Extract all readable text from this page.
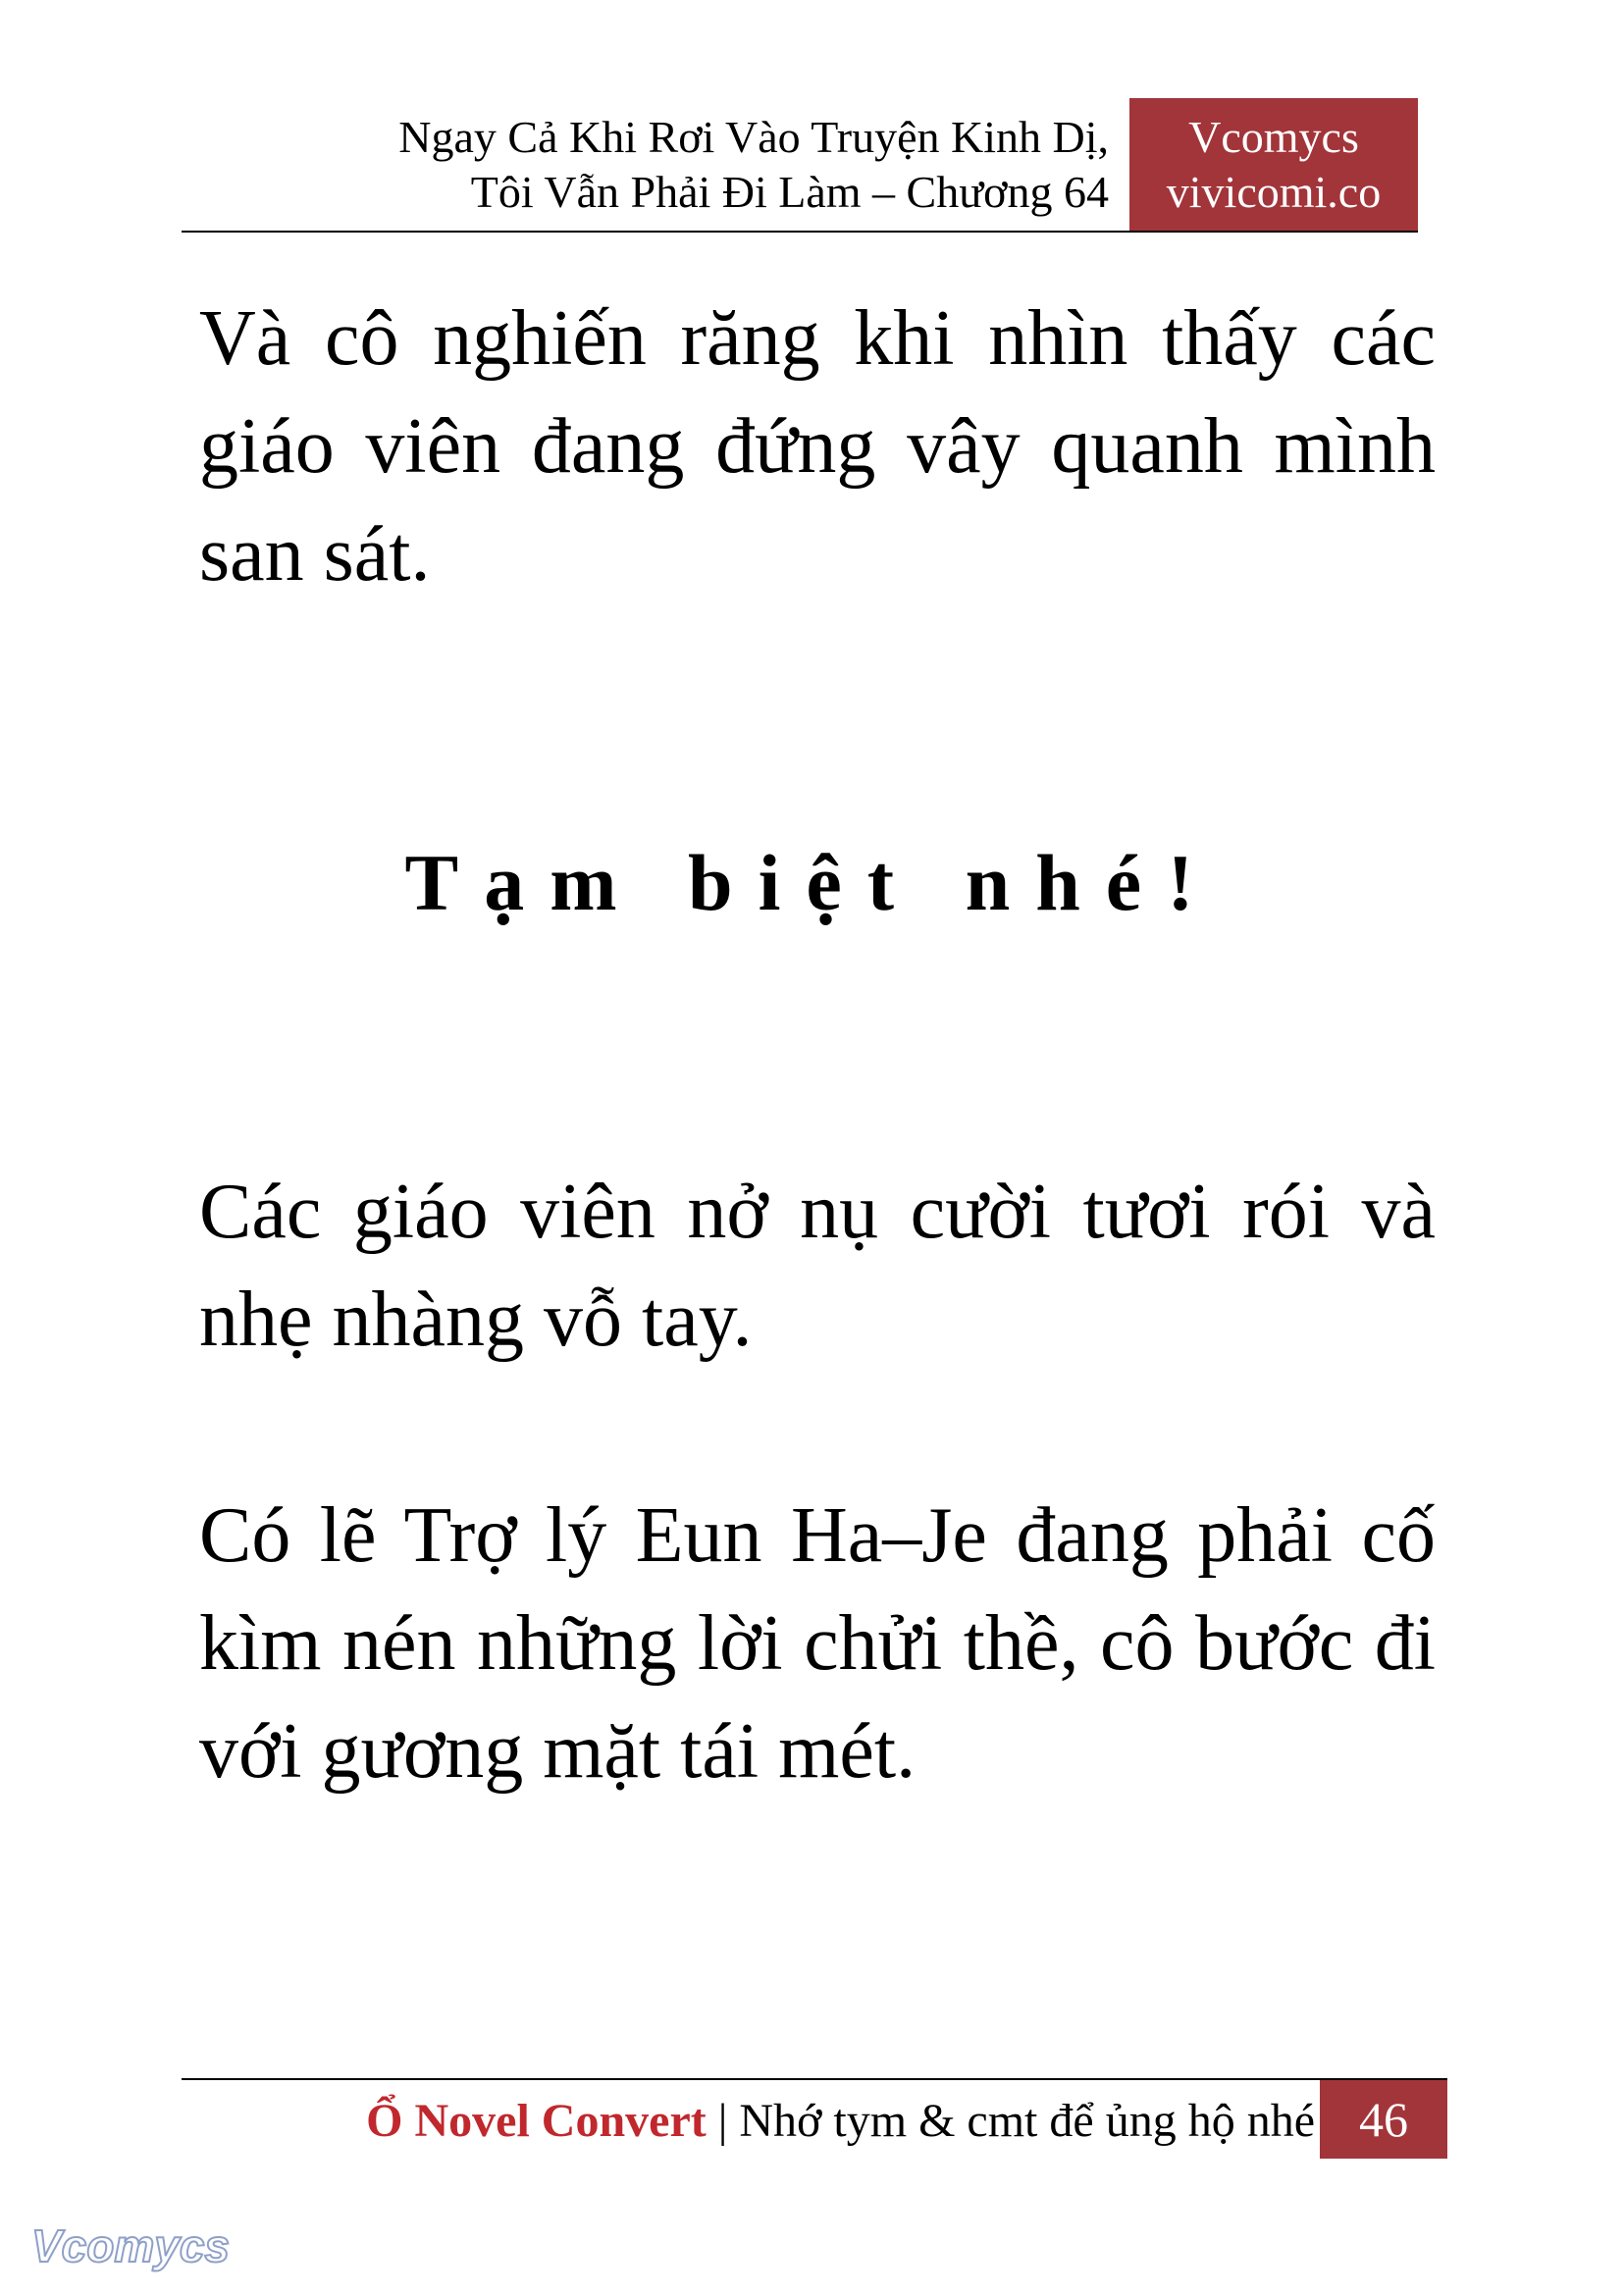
Ngay Cả Khi Rơi Vào Truyện Kinh Dị,
Tôi Vẫn Phải Đi Làm – Chương 64
Vcomycs
vivicomi.co

Và cô nghiến răng khi nhìn thấy các giáo viên đang đứng vây quanh mình san sát.

Tạm biệt nhé!

Các giáo viên nở nụ cười tươi rói và nhẹ nhàng vỗ tay.

Có lẽ Trợ lý Eun Ha–Je đang phải cố kìm nén những lời chửi thề, cô bước đi với gương mặt tái mét.

Ổ Novel Convert | Nhớ tym & cmt để ủng hộ nhé 46
Vcomycs
